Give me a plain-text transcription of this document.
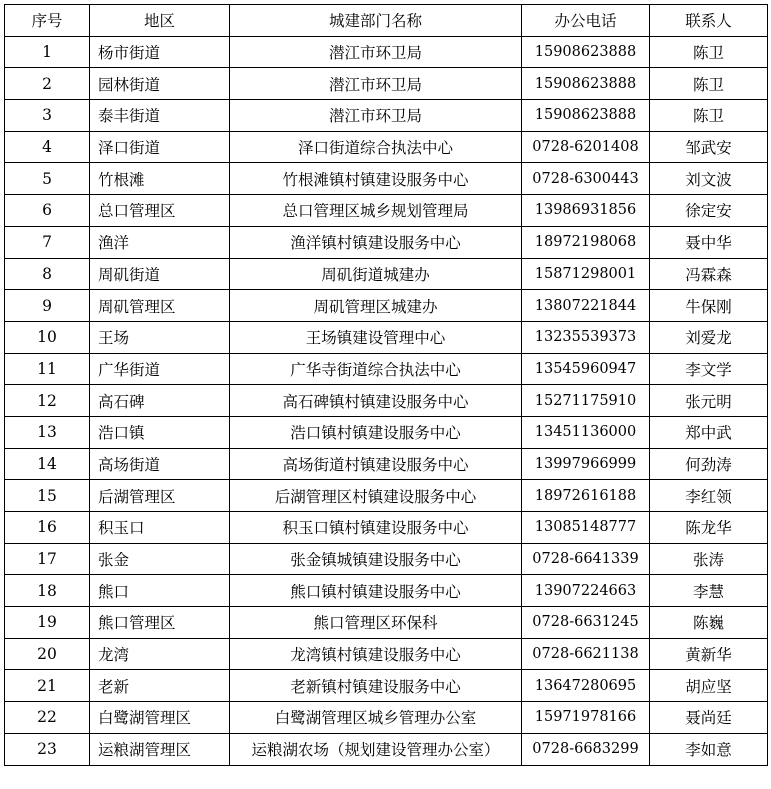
序号	地区	城建部门名称	办公电话	联系人
1	杨市街道	潜江市环卫局	15908623888	陈卫
2	园林街道	潜江市环卫局	15908623888	陈卫
3	泰丰街道	潜江市环卫局	15908623888	陈卫
4	泽口街道	泽口街道综合执法中心	0728-6201408	邹武安
5	竹根滩	竹根滩镇村镇建设服务中心	0728-6300443	刘文波
6	总口管理区	总口管理区城乡规划管理局	13986931856	徐定安
7	渔洋	渔洋镇村镇建设服务中心	18972198068	聂中华
8	周矶街道	周矶街道城建办	15871298001	冯霖森
9	周矶管理区	周矶管理区城建办	13807221844	牛保刚
10	王场	王场镇建设管理中心	13235539373	刘爱龙
11	广华街道	广华寺街道综合执法中心	13545960947	李文学
12	高石碑	高石碑镇村镇建设服务中心	15271175910	张元明
13	浩口镇	浩口镇村镇建设服务中心	13451136000	郑中武
14	高场街道	高场街道村镇建设服务中心	13997966999	何劲涛
15	后湖管理区	后湖管理区村镇建设服务中心	18972616188	李红领
16	积玉口	积玉口镇村镇建设服务中心	13085148777	陈龙华
17	张金	张金镇城镇建设服务中心	0728-6641339	张涛
18	熊口	熊口镇村镇建设服务中心	13907224663	李慧
19	熊口管理区	熊口管理区环保科	0728-6631245	陈巍
20	龙湾	龙湾镇村镇建设服务中心	0728-6621138	黄新华
21	老新	老新镇村镇建设服务中心	13647280695	胡应坚
22	白鹭湖管理区	白鹭湖管理区城乡管理办公室	15971978166	聂尚廷
23	运粮湖管理区	运粮湖农场（规划建设管理办公室）	0728-6683299	李如意
